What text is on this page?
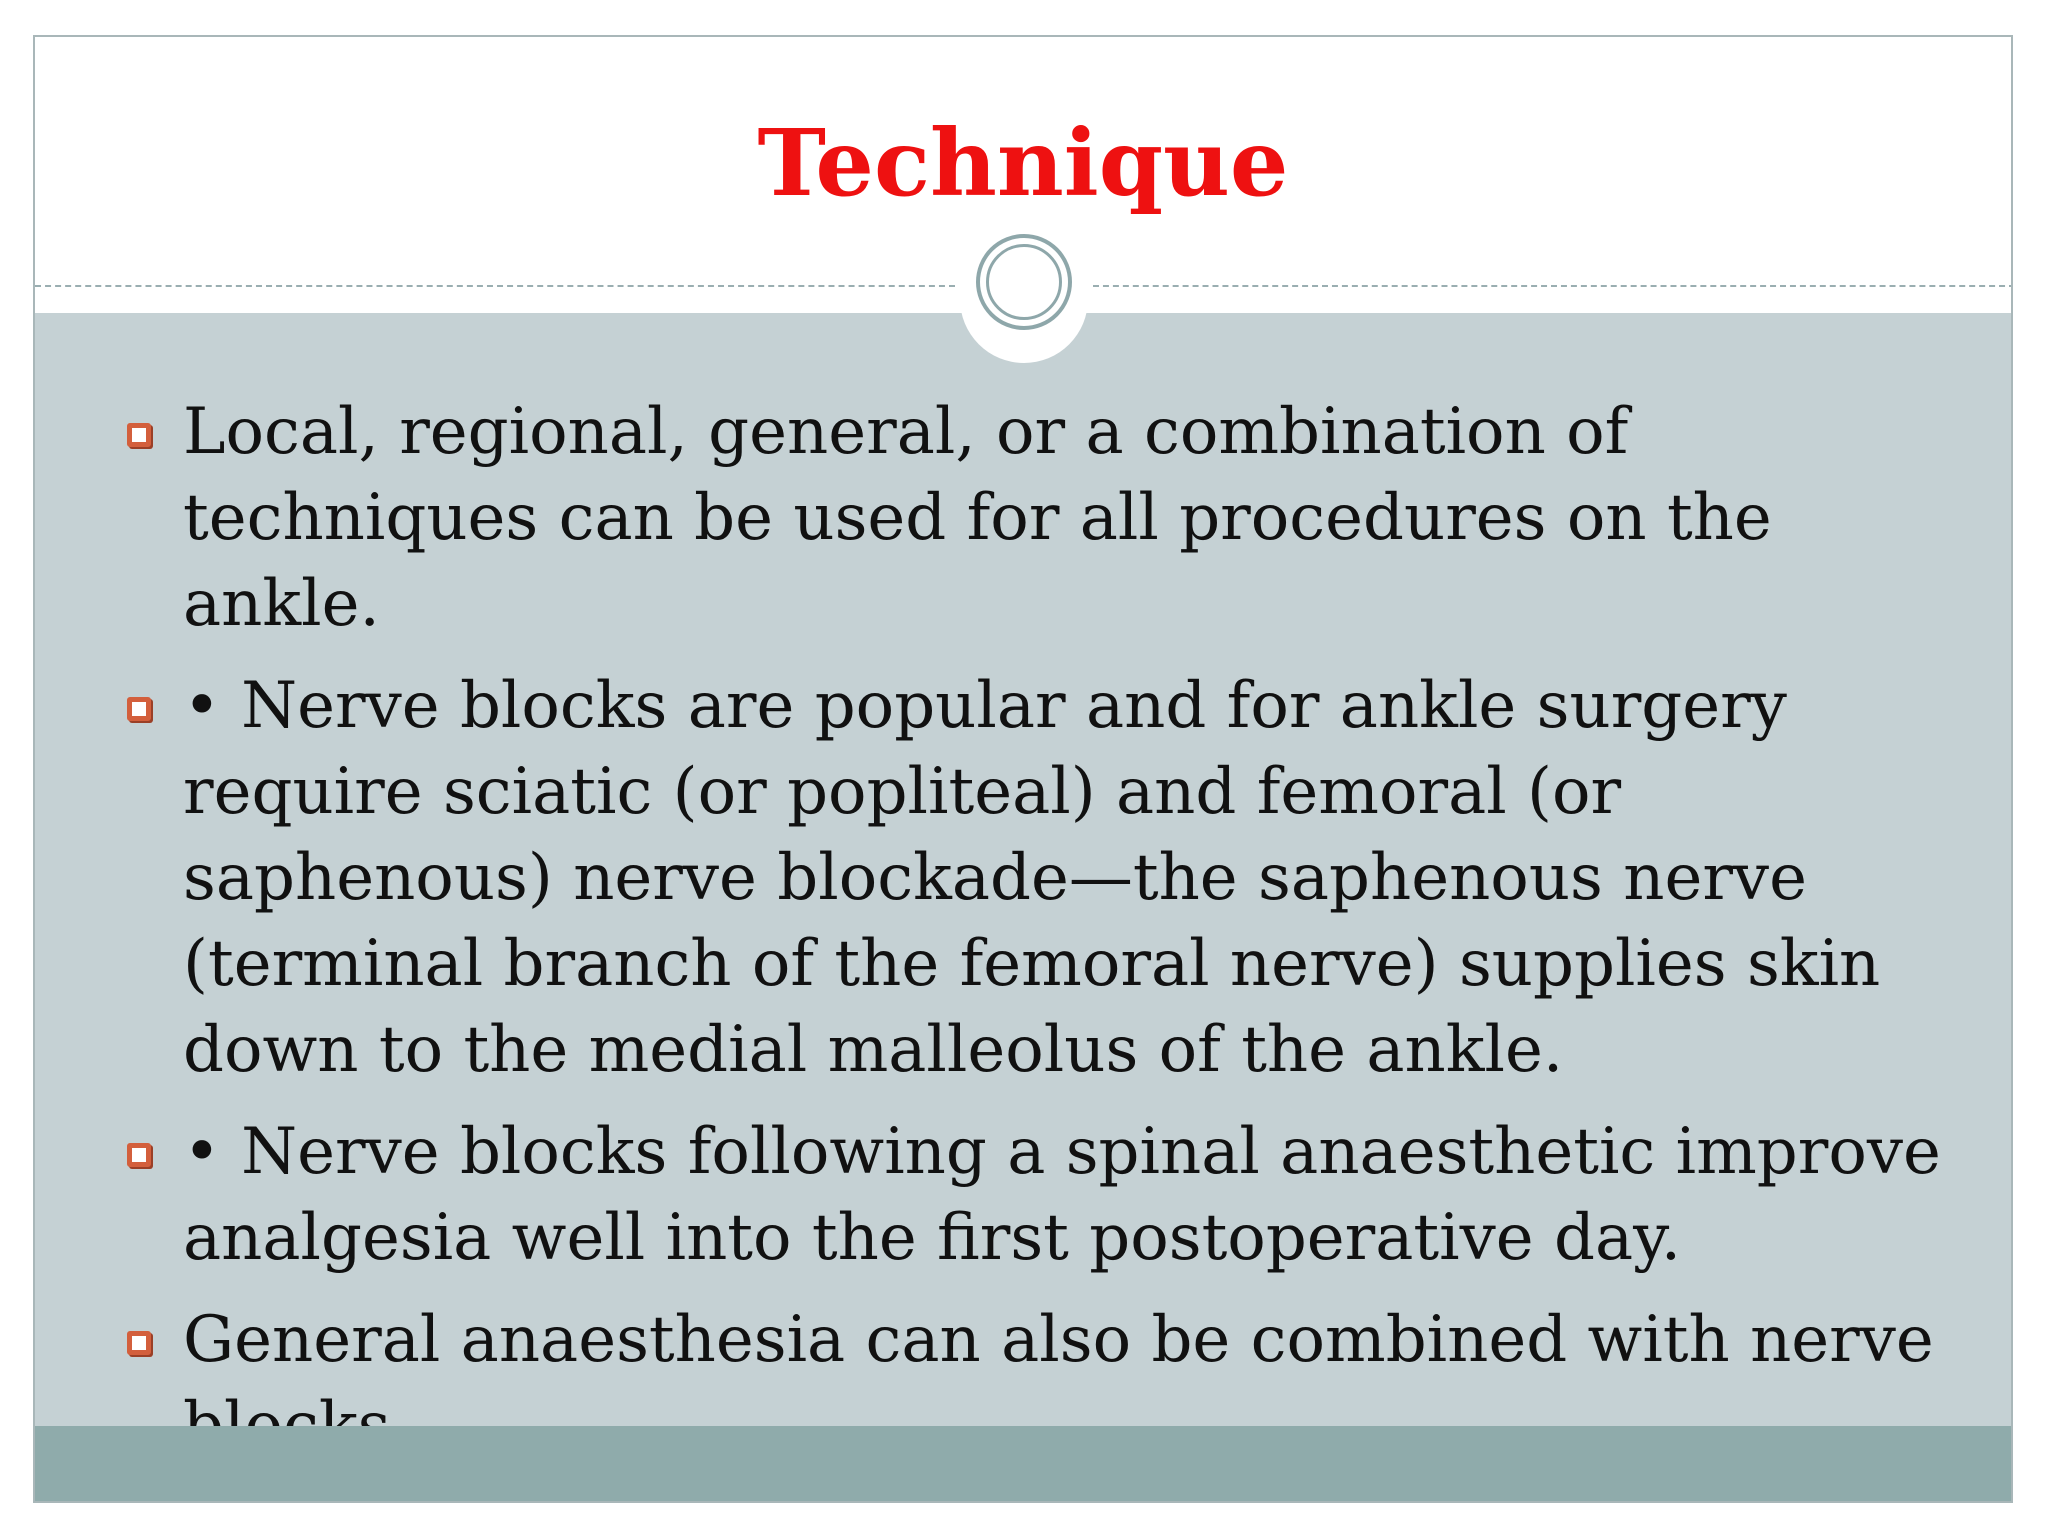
Technique
Local, regional, general, or a combination of techniques can be used for all procedures on the ankle.
• Nerve blocks are popular and for ankle surgery require sciatic (or popliteal) and femoral (or saphenous) nerve blockade—the saphenous nerve (terminal branch of the femoral nerve) supplies skin down to the medial malleolus of the ankle.
• Nerve blocks following a spinal anaesthetic improve analgesia well into the first postoperative day.
General anaesthesia can also be combined with nerve
